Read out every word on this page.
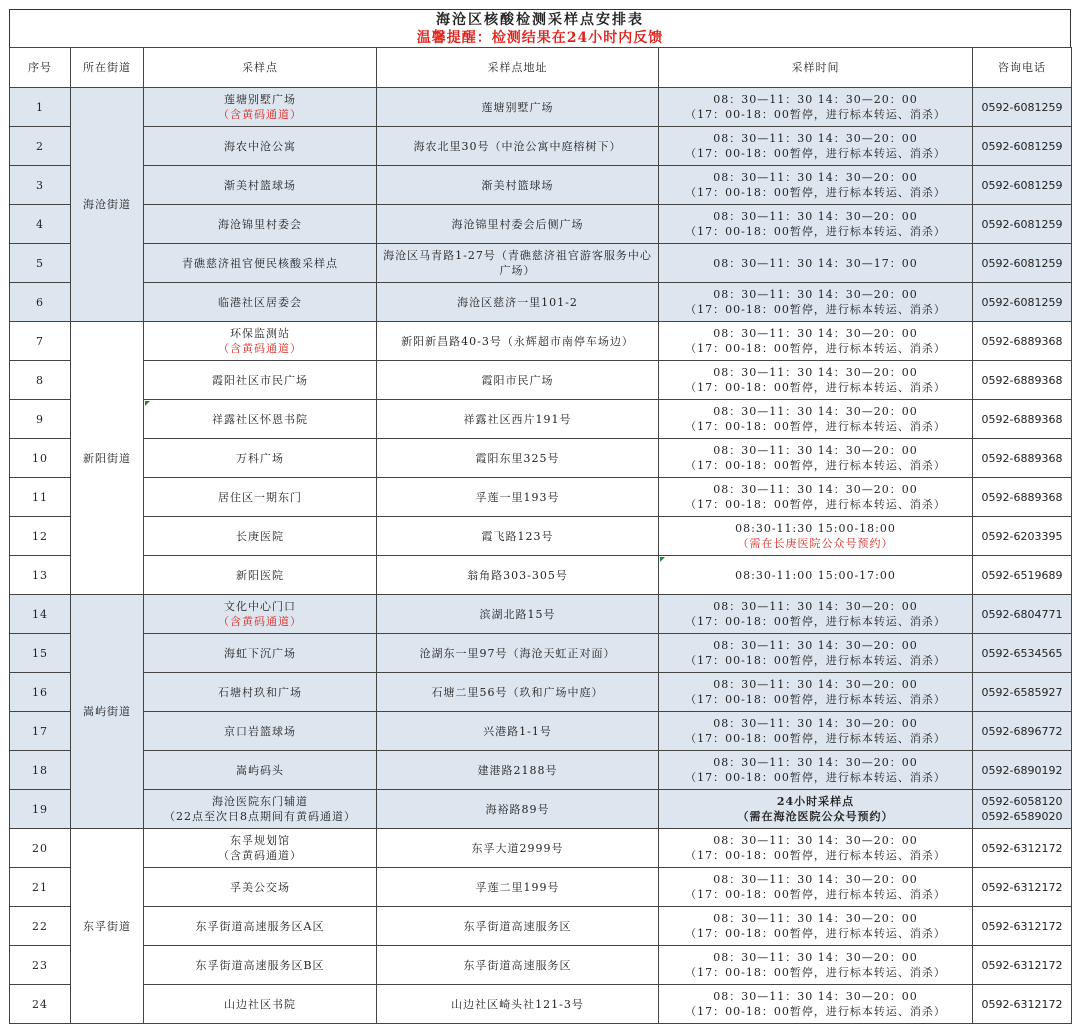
海沧区核酸检测采样点安排表
温馨提醒：检测结果在24小时内反馈
序号	所在街道	采样点	采样点地址	采样时间	咨询电话

1	海沧街道	莲塘别墅广场
（含黄码通道）	莲塘别墅广场	08：30—11：30 14：30—20：00
（17：00-18：00暂停，进行标本转运、消杀）	0592-6081259

2		海农中沧公寓	海农北里30号（中沧公寓中庭榕树下）	08：30—11：30 14：30—20：00
（17：00-18：00暂停，进行标本转运、消杀）	0592-6081259

3		渐美村篮球场	渐美村篮球场	08：30—11：30 14：30—20：00
（17：00-18：00暂停，进行标本转运、消杀）	0592-6081259

4		海沧锦里村委会	海沧锦里村委会后侧广场	08：30—11：30 14：30—20：00
（17：00-18：00暂停，进行标本转运、消杀）	0592-6081259

5		青礁慈济祖官便民核酸采样点	海沧区马青路1-27号（青礁慈济祖官游客服务中心广场）	08：30—11：30 14：30—17：00	0592-6081259

6		临港社区居委会	海沧区慈济一里101-2	08：30—11：30 14：30—20：00
（17：00-18：00暂停，进行标本转运、消杀）	0592-6081259

7	新阳街道	环保监测站
（含黄码通道）	新阳新昌路40-3号（永辉超市南停车场边）	08：30—11：30 14：30—20：00
（17：00-18：00暂停，进行标本转运、消杀）	0592-6889368

8		霞阳社区市民广场	霞阳市民广场	08：30—11：30 14：30—20：00
（17：00-18：00暂停，进行标本转运、消杀）	0592-6889368

9		祥露社区怀恩书院	祥露社区西片191号	08：30—11：30 14：30—20：00
（17：00-18：00暂停，进行标本转运、消杀）	0592-6889368

10		万科广场	霞阳东里325号	08：30—11：30 14：30—20：00
（17：00-18：00暂停，进行标本转运、消杀）	0592-6889368

11		居住区一期东门	孚莲一里193号	08：30—11：30 14：30—20：00
（17：00-18：00暂停，进行标本转运、消杀）	0592-6889368

12		长庚医院	霞飞路123号	08:30-11:30 15:00-18:00
（需在长庚医院公众号预约）	0592-6203395

13		新阳医院	翁角路303-305号	08:30-11:00 15:00-17:00	0592-6519689

14	嵩屿街道	文化中心门口
（含黄码通道）	滨湖北路15号	08：30—11：30 14：30—20：00
（17：00-18：00暂停，进行标本转运、消杀）	0592-6804771

15		海虹下沉广场	沧湖东一里97号（海沧天虹正对面）	08：30—11：30 14：30—20：00
（17：00-18：00暂停，进行标本转运、消杀）	0592-6534565

16		石塘村玖和广场	石塘二里56号（玖和广场中庭）	08：30—11：30 14：30—20：00
（17：00-18：00暂停，进行标本转运、消杀）	0592-6585927

17		京口岩篮球场	兴港路1-1号	08：30—11：30 14：30—20：00
（17：00-18：00暂停，进行标本转运、消杀）	0592-6896772

18		嵩屿码头	建港路2188号	08：30—11：30 14：30—20：00
（17：00-18：00暂停，进行标本转运、消杀）	0592-6890192

19		海沧医院东门辅道
（22点至次日8点期间有黄码通道）	海裕路89号	24小时采样点
（需在海沧医院公众号预约）	0592-6058120
0592-6589020

20	东孚街道	东孚规划馆
（含黄码通道）	东孚大道2999号	08：30—11：30 14：30—20：00
（17：00-18：00暂停，进行标本转运、消杀）	0592-6312172

21		孚美公交场	孚莲二里199号	08：30—11：30 14：30—20：00
（17：00-18：00暂停，进行标本转运、消杀）	0592-6312172

22		东孚街道高速服务区A区	东孚街道高速服务区	08：30—11：30 14：30—20：00
（17：00-18：00暂停，进行标本转运、消杀）	0592-6312172

23		东孚街道高速服务区B区	东孚街道高速服务区	08：30—11：30 14：30—20：00
（17：00-18：00暂停，进行标本转运、消杀）	0592-6312172

24		山边社区书院	山边社区崎头社121-3号	08：30—11：30 14：30—20：00
（17：00-18：00暂停，进行标本转运、消杀）	0592-6312172
